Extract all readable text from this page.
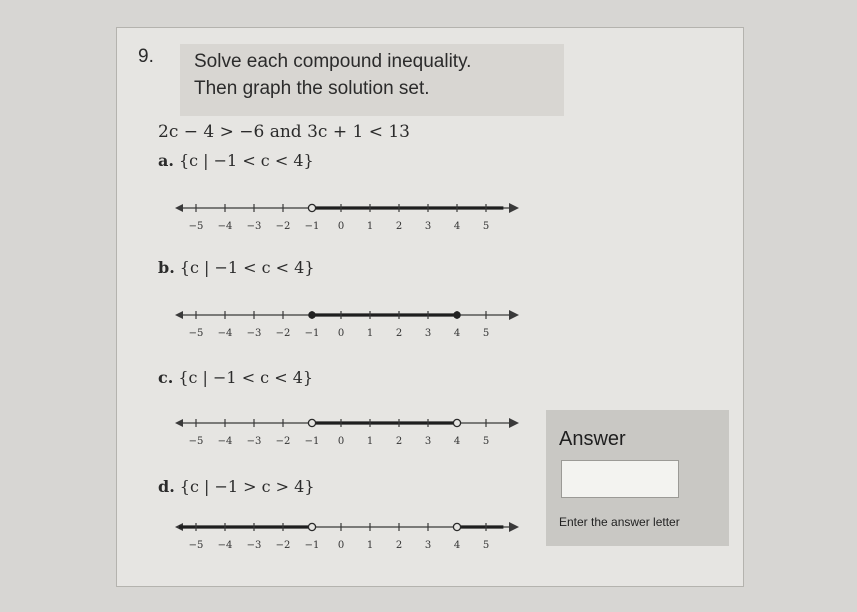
9. Solve each compound inequality.
Then graph the solution set.
2c − 4 > −6 and 3c + 1 < 13
a. {c | −1 < c < 4}
−5 −4 −3 −2 −1 0 1 2 3 4 5
b. {c | −1 < c < 4}
−5 −4 −3 −2 −1 0 1 2 3 4 5
c. {c | −1 < c < 4}
−5 −4 −3 −2 −1 0 1 2 3 4 5
d. {c | −1 > c > 4}
−5 −4 −3 −2 −1 0 1 2 3 4 5
Answer
Enter the answer letter
